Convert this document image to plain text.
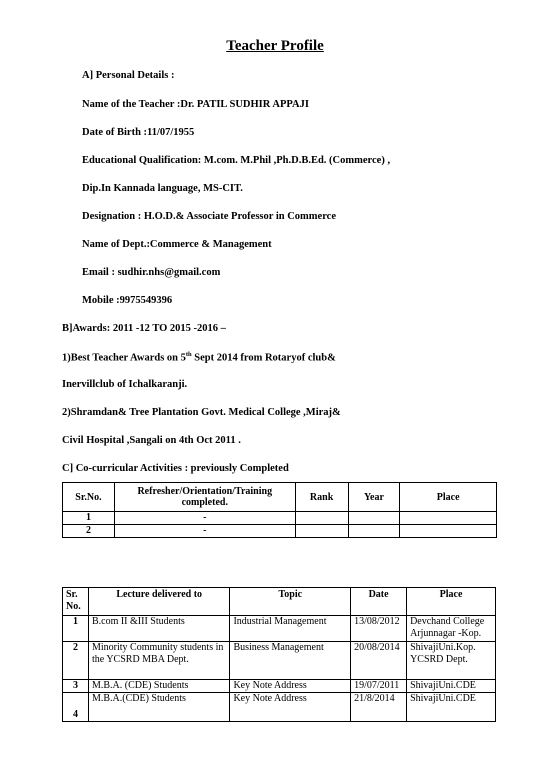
Teacher Profile
A] Personal Details :
Name of the Teacher :Dr. PATIL SUDHIR APPAJI
Date of Birth :11/07/1955
Educational Qualification: M.com. M.Phil ,Ph.D.B.Ed. (Commerce) ,
Dip.In Kannada language, MS-CIT.
Designation : H.O.D.& Associate Professor in Commerce
Name of Dept.:Commerce & Management
Email : sudhir.nhs@gmail.com
Mobile :9975549396
B]Awards: 2011 -12 TO 2015 -2016 –
1)Best Teacher Awards on 5th Sept 2014 from Rotaryof club&
Inervillclub of Ichalkaranji.
2)Shramdan& Tree Plantation Govt. Medical College ,Miraj&
Civil Hospital ,Sangali on 4th Oct 2011 .
C] Co-curricular Activities : previously Completed
Sr.No.	Refresher/Orientation/Training completed.	Rank	Year	Place
1	-			
2	-			
Sr. No.	Lecture delivered to	Topic	Date	Place
1	B.com II &III Students	Industrial Management	13/08/2012	Devchand College Arjunnagar -Kop.
2	Minority Community students in the YCSRD MBA Dept.	Business Management	20/08/2014	ShivajiUni.Kop. YCSRD Dept.
3	M.B.A. (CDE) Students	Key Note Address	19/07/2011	ShivajiUni.CDE
4	M.B.A.(CDE) Students	Key Note Address	21/8/2014	ShivajiUni.CDE
